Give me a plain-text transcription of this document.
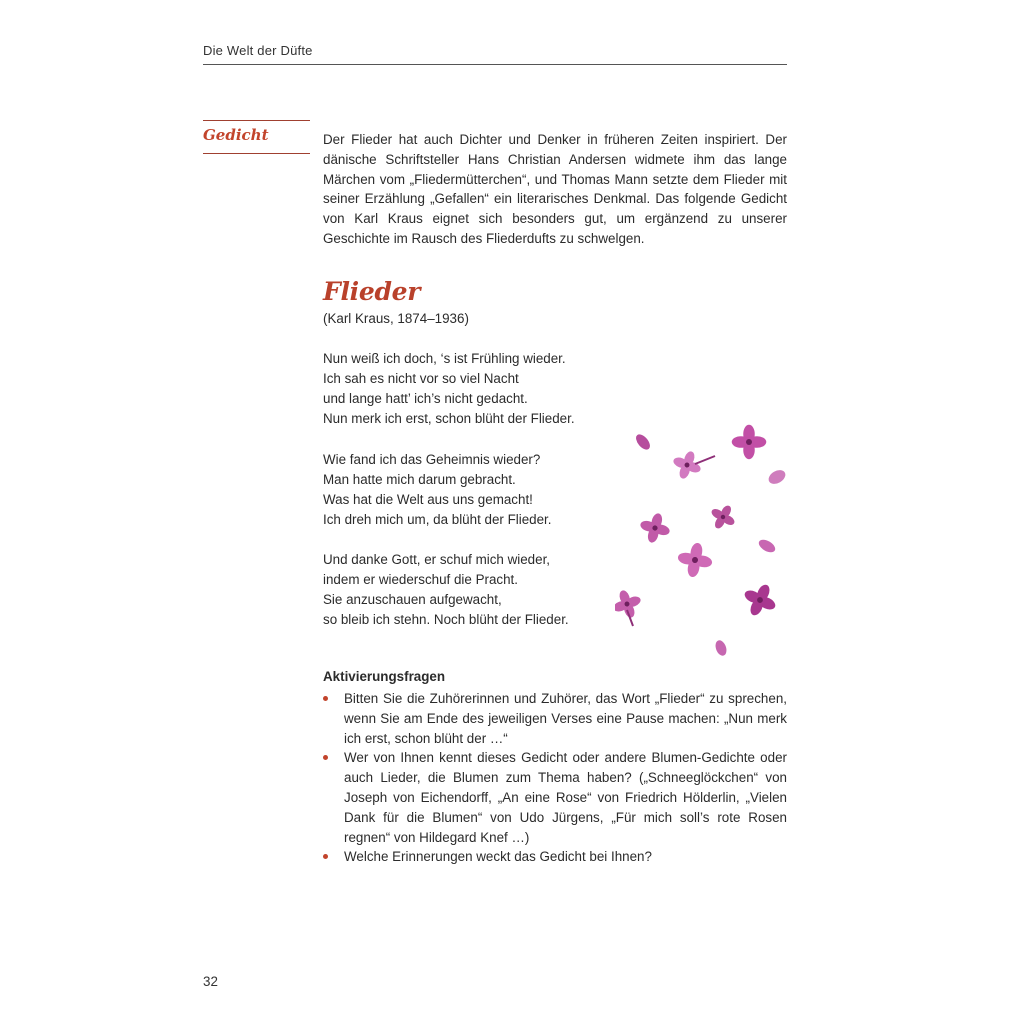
Die Welt der Düfte
Gedicht	Der Flieder hat auch Dichter und Denker in früheren Zeiten inspiriert. Der dänische Schriftsteller Hans Christian Andersen widmete ihm das lange Märchen vom „Fliedermütterchen“, und Thomas Mann setzte dem Flieder mit seiner Erzählung „Gefallen“ ein literarisches Denkmal. Das folgende Gedicht von Karl Kraus eignet sich besonders gut, um ergänzend zu unserer Geschichte im Rausch des Fliederdufts zu schwelgen.

Flieder
(Karl Kraus, 1874–1936)
Nun weiß ich doch, ‘s ist Frühling wieder.
Ich sah es nicht vor so viel Nacht
und lange hatt’ ich’s nicht gedacht.
Nun merk ich erst, schon blüht der Flieder.
Wie fand ich das Geheimnis wieder?
Man hatte mich darum gebracht.
Was hat die Welt aus uns gemacht!
Ich dreh mich um, da blüht der Flieder.
Und danke Gott, er schuf mich wieder,
indem er wiederschuf die Pracht.
Sie anzuschauen aufgewacht,
so bleib ich stehn. Noch blüht der Flieder.
Aktivierungsfragen
Bitten Sie die Zuhörerinnen und Zuhörer, das Wort „Flieder“ zu sprechen, wenn Sie am Ende des jeweiligen Verses eine Pause machen: „Nun merk ich erst, schon blüht der …“
Wer von Ihnen kennt dieses Gedicht oder andere Blumen-Gedichte oder auch Lieder, die Blumen zum Thema haben? („Schneeglöckchen“ von Joseph von Eichendorff, „An eine Rose“ von Friedrich Hölderlin, „Vielen Dank für die Blumen“ von Udo Jürgens, „Für mich soll’s rote Rosen regnen“ von Hildegard Knef …)
Welche Erinnerungen weckt das Gedicht bei Ihnen?
32
